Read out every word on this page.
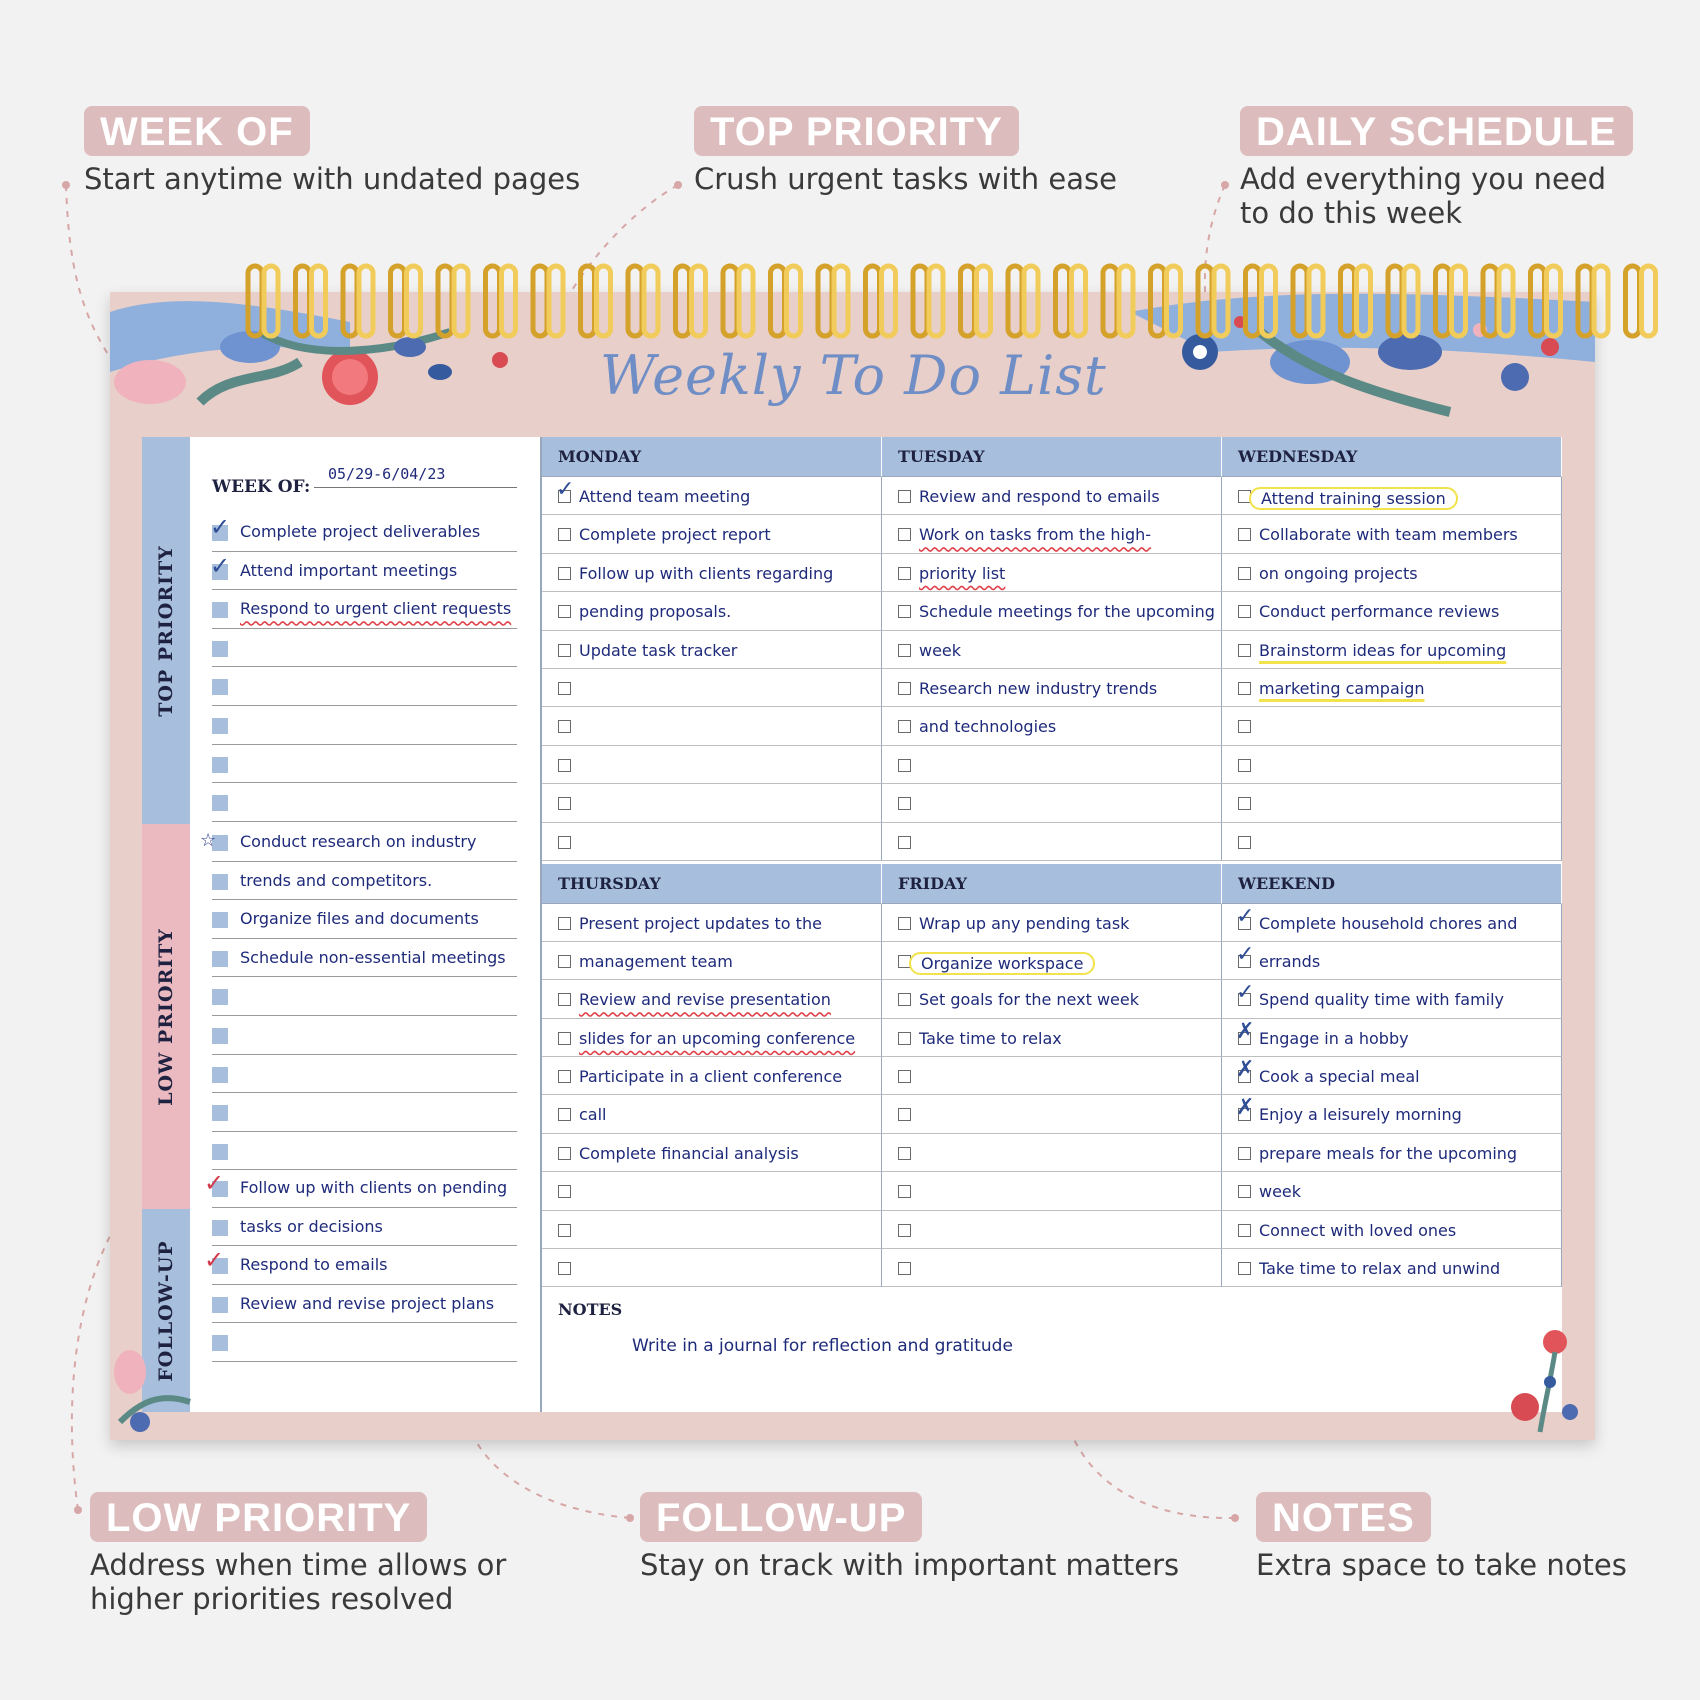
WEEK OF
Start anytime with undated pages
TOP PRIORITY
Crush urgent tasks with ease
DAILY SCHEDULE
Add everything you need
to do this week
LOW PRIORITY
Address when time allows or
higher priorities resolved
FOLLOW-UP
Stay on track with important matters
NOTES
Extra space to take notes
Weekly To Do List
TOP PRIORITY
LOW PRIORITY
FOLLOW-UP
WEEK OF:
05/29-6/04/23
✓ Complete project deliverables
✓ Attend important meetings
Respond to urgent client requests
☆ Conduct research on industry
trends and competitors.
Organize files and documents
Schedule non-essential meetings
✓ Follow up with clients on pending
tasks or decisions
✓ Respond to emails
Review and revise project plans
MONDAY
✓ Attend team meeting
Complete project report
Follow up with clients regarding
pending proposals.
Update task tracker
TUESDAY
Review and respond to emails
Work on tasks from the high-
priority list
Schedule meetings for the upcoming
week
Research new industry trends
and technologies
WEDNESDAY
Attend training session
Collaborate with team members
on ongoing projects
Conduct performance reviews
Brainstorm ideas for upcoming
marketing campaign
THURSDAY
Present project updates to the
management team
Review and revise presentation
slides for an upcoming conference
Participate in a client conference
call
Complete financial analysis
FRIDAY
Wrap up any pending task
Organize workspace
Set goals for the next week
Take time to relax
WEEKEND
✓ Complete household chores and
✓ errands
✓ Spend quality time with family
✗ Engage in a hobby
✗ Cook a special meal
✗ Enjoy a leisurely morning
prepare meals for the upcoming
week
Connect with loved ones
Take time to relax and unwind
NOTES
Write in a journal for reflection and gratitude
